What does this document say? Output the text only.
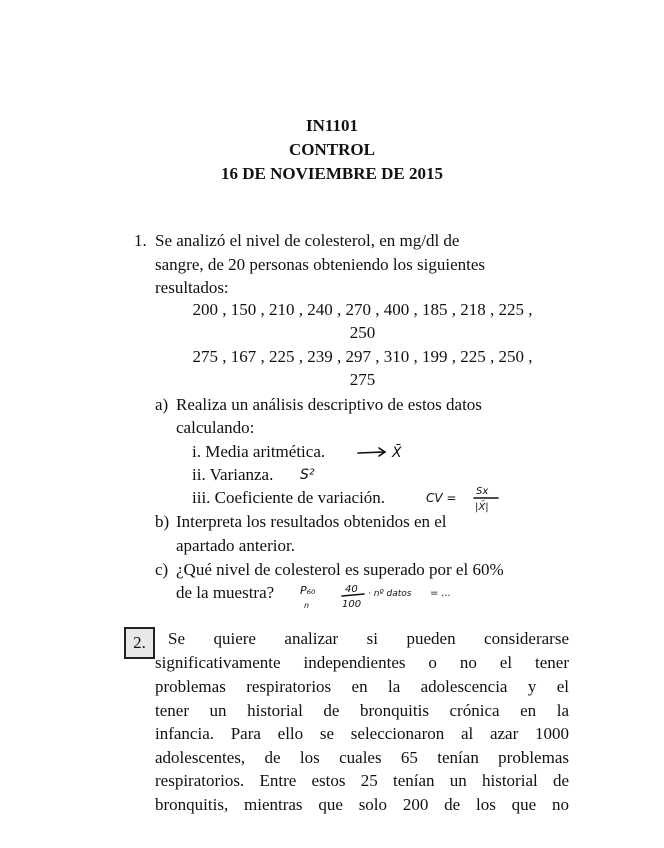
IN1101
CONTROL
16 DE NOVIEMBRE DE 2015
1. Se analizó el nivel de colesterol, en mg/dl de
sangre, de 20 personas obteniendo los siguientes
resultados:
200 , 150 , 210 , 240 , 270 , 400 , 185 , 218 , 225 ,
250
275 , 167 , 225 , 239 , 297 , 310 , 199 , 225 , 250 ,
275
a) Realiza un análisis descriptivo de estos datos
calculando:
i. Media aritmética.
ii. Varianza.
iii. Coeficiente de variación.
X̄
S²
CV = Sx
|X̄|
b) Interpreta los resultados obtenidos en el
apartado anterior.
c) ¿Qué nivel de colesterol es superado por el 60%
de la muestra? P₆₀
n
40
100
· nº datos = ...
2.	Se quiere analizar si pueden considerarse
significativamente independientes o no el tener
problemas respiratorios en la adolescencia y el
tener un historial de bronquitis crónica en la
infancia. Para ello se seleccionaron al azar 1000
adolescentes, de los cuales 65 tenían problemas
respiratorios. Entre estos 25 tenían un historial de
bronquitis, mientras que solo 200 de los que no
